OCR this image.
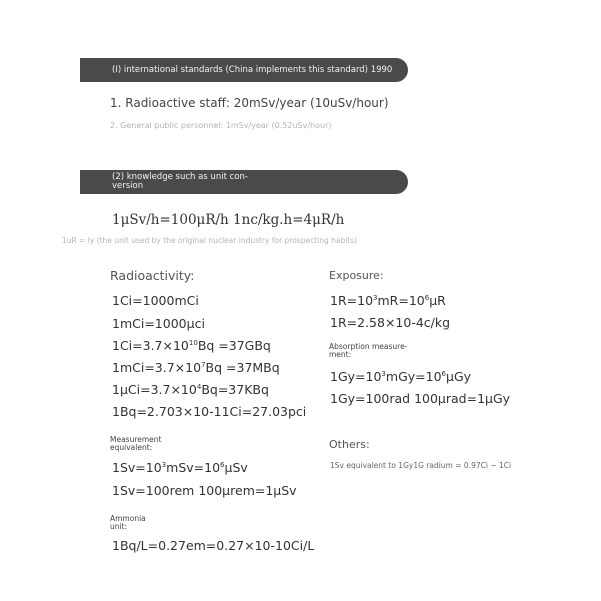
(I) international standards (China implements this standard) 1990
1. Radioactive staff: 20mSv/year (10uSv/hour)
2. General public personnel: 1mSv/year (0.52uSv/hour)
(2) knowledge such as unit con-
version
1μSv/h=100μR/h 1nc/kg.h=4μR/h
1uR = ly (the unit used by the original nuclear industry for prospecting habits)
Radioactivity:
1Ci=1000mCi
1mCi=1000μci
$1Ci=3.7\times 10^{10}Bq =37GBq$
$1mCi=3.7\times 10^7Bq =37MBq$
$1\mu Ci=3.7\times 10^4Bq=37KBq$
1Bq=2.703×10-11Ci=27.03pci
Measurement
equivalent:
$1Sv=10^3mSv=10^6\mu Sv$
1Sv=100rem 100μrem=1μSv
Ammonia
unit:
1Bq/L=0.27em=0.27×10-10Ci/L
Exposure:
$1R=10^3mR=10^6\mu R$
1R=2.58×10-4c/kg
Absorption measure-
ment:
$1Gy=10^3mGy=10^6\mu Gy$
1Gy=100rad 100μrad=1μGy
Others:
1Sv equivalent to 1Gy1G radium = 0.97Ci ~ 1Ci
